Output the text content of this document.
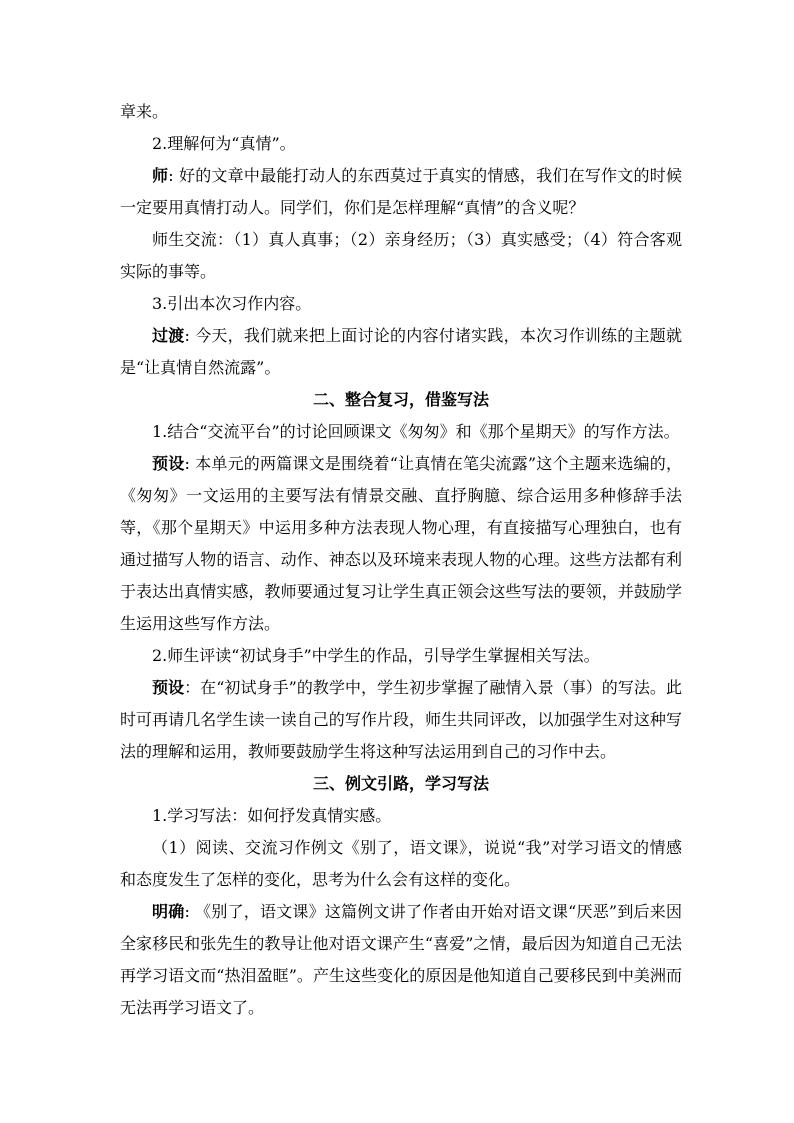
章来。

2.理解何为“真情”。

师: 好的文章中最能打动人的东西莫过于真实的情感，我们在写作文的时候一定要用真情打动人。同学们，你们是怎样理解“真情”的含义呢？

师生交流：（1）真人真事；（2）亲身经历；（3）真实感受；（4）符合客观实际的事等。

3.引出本次习作内容。

过渡: 今天，我们就来把上面讨论的内容付诸实践，本次习作训练的主题就是“让真情自然流露”。

二、整合复习，借鉴写法

1.结合“交流平台”的讨论回顾课文《匆匆》和《那个星期天》的写作方法。

预设: 本单元的两篇课文是围绕着“让真情在笔尖流露”这个主题来选编的，《匆匆》一文运用的主要写法有情景交融、直抒胸臆、综合运用多种修辞手法等，《那个星期天》中运用多种方法表现人物心理，有直接描写心理独白，也有通过描写人物的语言、动作、神态以及环境来表现人物的心理。这些方法都有利于表达出真情实感，教师要通过复习让学生真正领会这些写法的要领，并鼓励学生运用这些写作方法。

2.师生评读“初试身手”中学生的作品，引导学生掌握相关写法。

预设：在“初试身手”的教学中，学生初步掌握了融情入景（事）的写法。此时可再请几名学生读一读自己的写作片段，师生共同评改，以加强学生对这种写法的理解和运用，教师要鼓励学生将这种写法运用到自己的习作中去。

三、例文引路，学习写法

1.学习写法：如何抒发真情实感。

（1）阅读、交流习作例文《别了，语文课》，说说“我”对学习语文的情感和态度发生了怎样的变化，思考为什么会有这样的变化。

明确: 《别了，语文课》这篇例文讲了作者由开始对语文课“厌恶”到后来因全家移民和张先生的教导让他对语文课产生“喜爱”之情，最后因为知道自己无法再学习语文而“热泪盈眶”。产生这些变化的原因是他知道自己要移民到中美洲而无法再学习语文了。
